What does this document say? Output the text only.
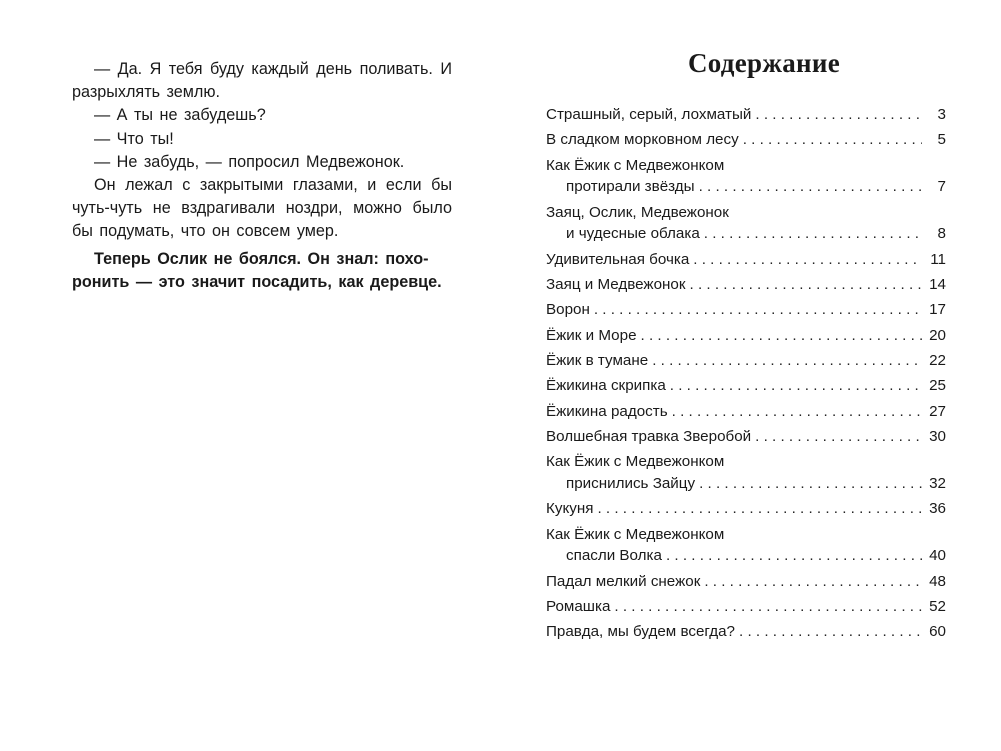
— Да. Я тебя буду каждый день поливать. И разрыхлять землю.

— А ты не забудешь?

— Что ты!

— Не забудь, — попросил Медвежонок.

Он лежал с закрытыми глазами, и если бы чуть-чуть не вздрагивали ноздри, можно было бы подумать, что он совсем умер.

Теперь Ослик не боялся. Он знал: похо-
ронить — это значит посадить, как деревце.

Содержание
Страшный, серый, лохматый . . .	3
В сладком морковном лесу . . .	5
Как Ёжик с Медвежонком
протирали звёзды . . .	7
Заяц, Ослик, Медвежонок
и чудесные облака . . .	8
Удивительная бочка . . .	11
Заяц и Медвежонок . . .	14
Ворон . . .	17
Ёжик и Море . . .	20
Ёжик в тумане . . .	22
Ёжикина скрипка . . .	25
Ёжикина радость . . .	27
Волшебная травка Зверобой . . .	30
Как Ёжик с Медвежонком
приснились Зайцу . . .	32
Кукуня . . .	36
Как Ёжик с Медвежонком
спасли Волка . . .	40
Падал мелкий снежок . . .	48
Ромашка . . .	52
Правда, мы будем всегда? . . .	60
